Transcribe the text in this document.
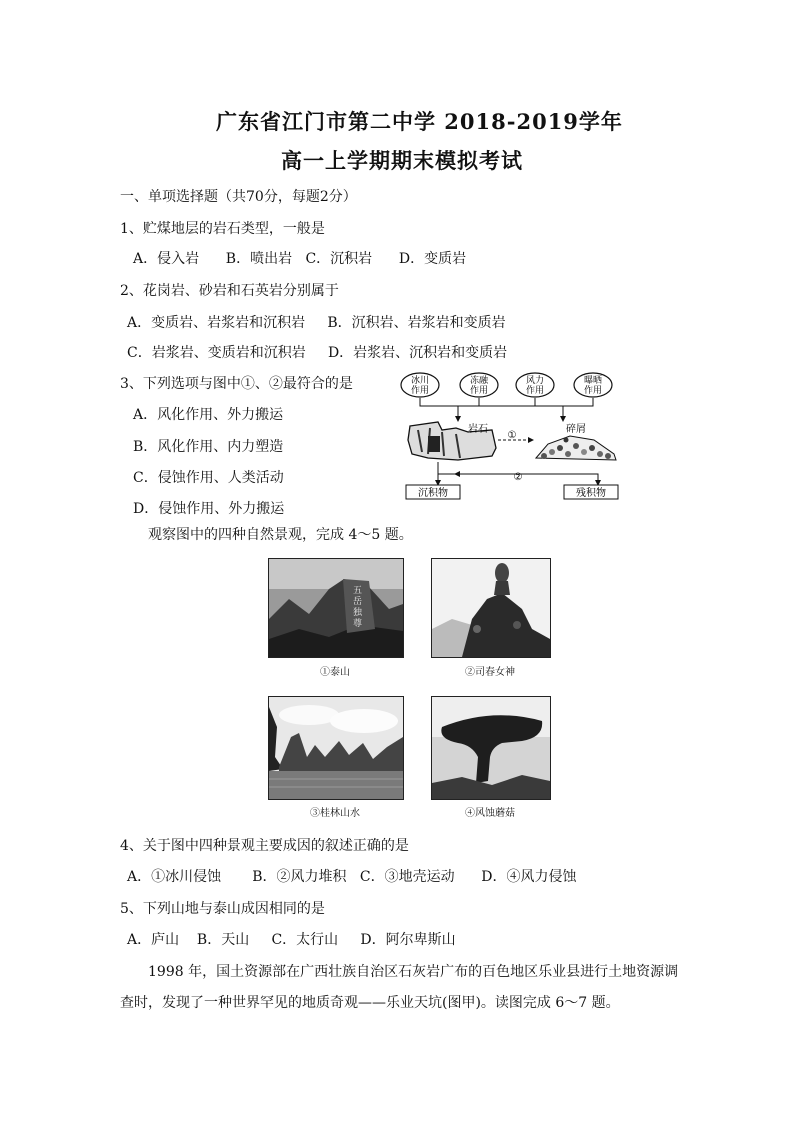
广东省江门市第二中学 2018-2019学年
高一上学期期末模拟考试
一、单项选择题（共70分，每题2分）
1、贮煤地层的岩石类型，一般是
A．侵入岩      B．喷出岩   C．沉积岩      D．变质岩
2、花岗岩、砂岩和石英岩分别属于
A．变质岩、岩浆岩和沉积岩     B．沉积岩、岩浆岩和变质岩
C．岩浆岩、变质岩和沉积岩     D．岩浆岩、沉积岩和变质岩
3、下列选项与图中①、②最符合的是
A．风化作用、外力搬运
B．风化作用、内力塑造
C．侵蚀作用、人类活动
D．侵蚀作用、外力搬运
冰川
作用
冻融
作用
风力
作用
曝晒
作用
岩石
①
碎屑
②
沉积物	残积物
观察图中的四种自然景观，完成 4～5 题。
五
岳
独
尊
①泰山	②司春女神
③桂林山水	④风蚀蘑菇
4、关于图中四种景观主要成因的叙述正确的是
A．①冰川侵蚀       B．②风力堆积   C．③地壳运动      D．④风力侵蚀
5、下列山地与泰山成因相同的是
A．庐山    B．天山     C．太行山     D．阿尔卑斯山
1998 年，国土资源部在广西壮族自治区石灰岩广布的百色地区乐业县进行土地资源调
查时，发现了一种世界罕见的地质奇观——乐业天坑(图甲)。读图完成 6～7 题。
